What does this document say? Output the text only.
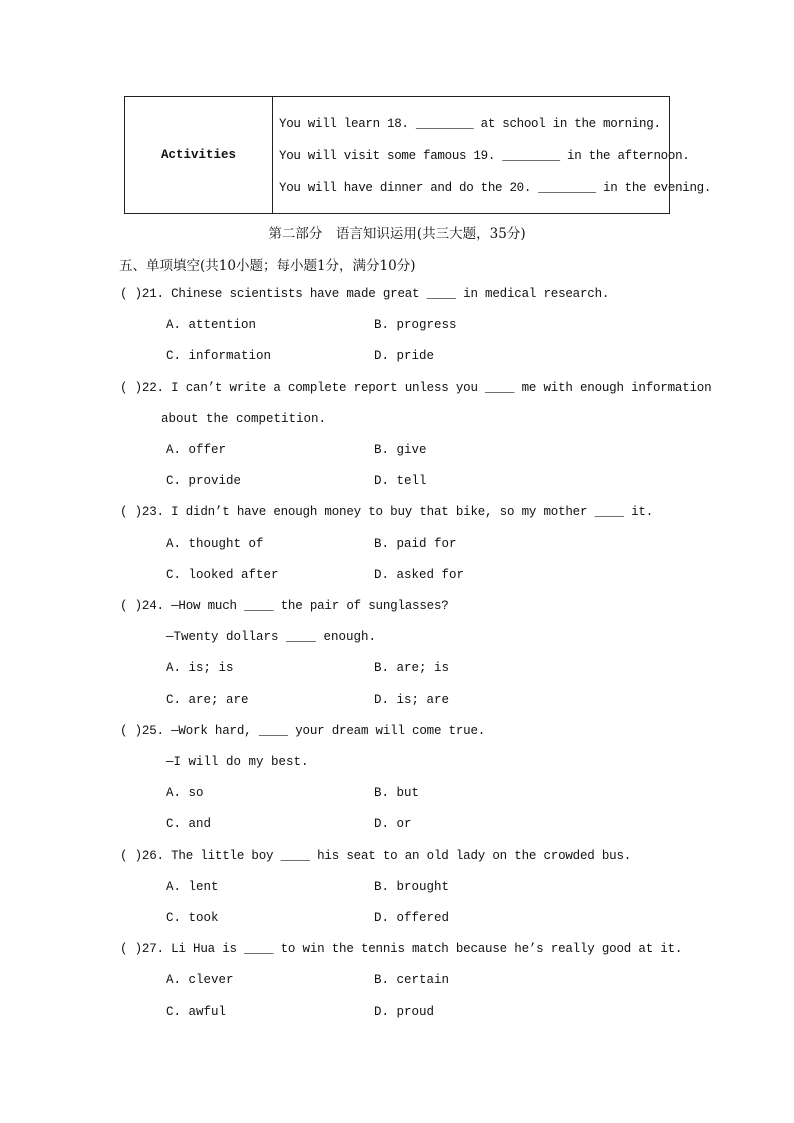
Activities
You will learn 18. ________ at school in the morning.
You will visit some famous 19. ________ in the afternoon.
You will have dinner and do the 20. ________ in the evening.
第二部分　语言知识运用(共三大题，35分)
五、单项填空(共10小题；每小题1分，满分10分)
( )21. Chinese scientists have made great ____ in medical research.
A. attention	B. progress
C. information	D. pride
( )22. I can’t write a complete report unless you ____ me with enough information
about the competition.
A. offer	B. give
C. provide	D. tell
( )23. I didn’t have enough money to buy that bike, so my mother ____ it.
A. thought of	B. paid for
C. looked after	D. asked for
( )24. —How much ____ the pair of sunglasses?
—Twenty dollars ____ enough.
A. is; is	B. are; is
C. are; are	D. is; are
( )25. —Work hard, ____ your dream will come true.
—I will do my best.
A. so	B. but
C. and	D. or
( )26. The little boy ____ his seat to an old lady on the crowded bus.
A. lent	B. brought
C. took	D. offered
( )27. Li Hua is ____ to win the tennis match because he’s really good at it.
A. clever	B. certain
C. awful	D. proud
